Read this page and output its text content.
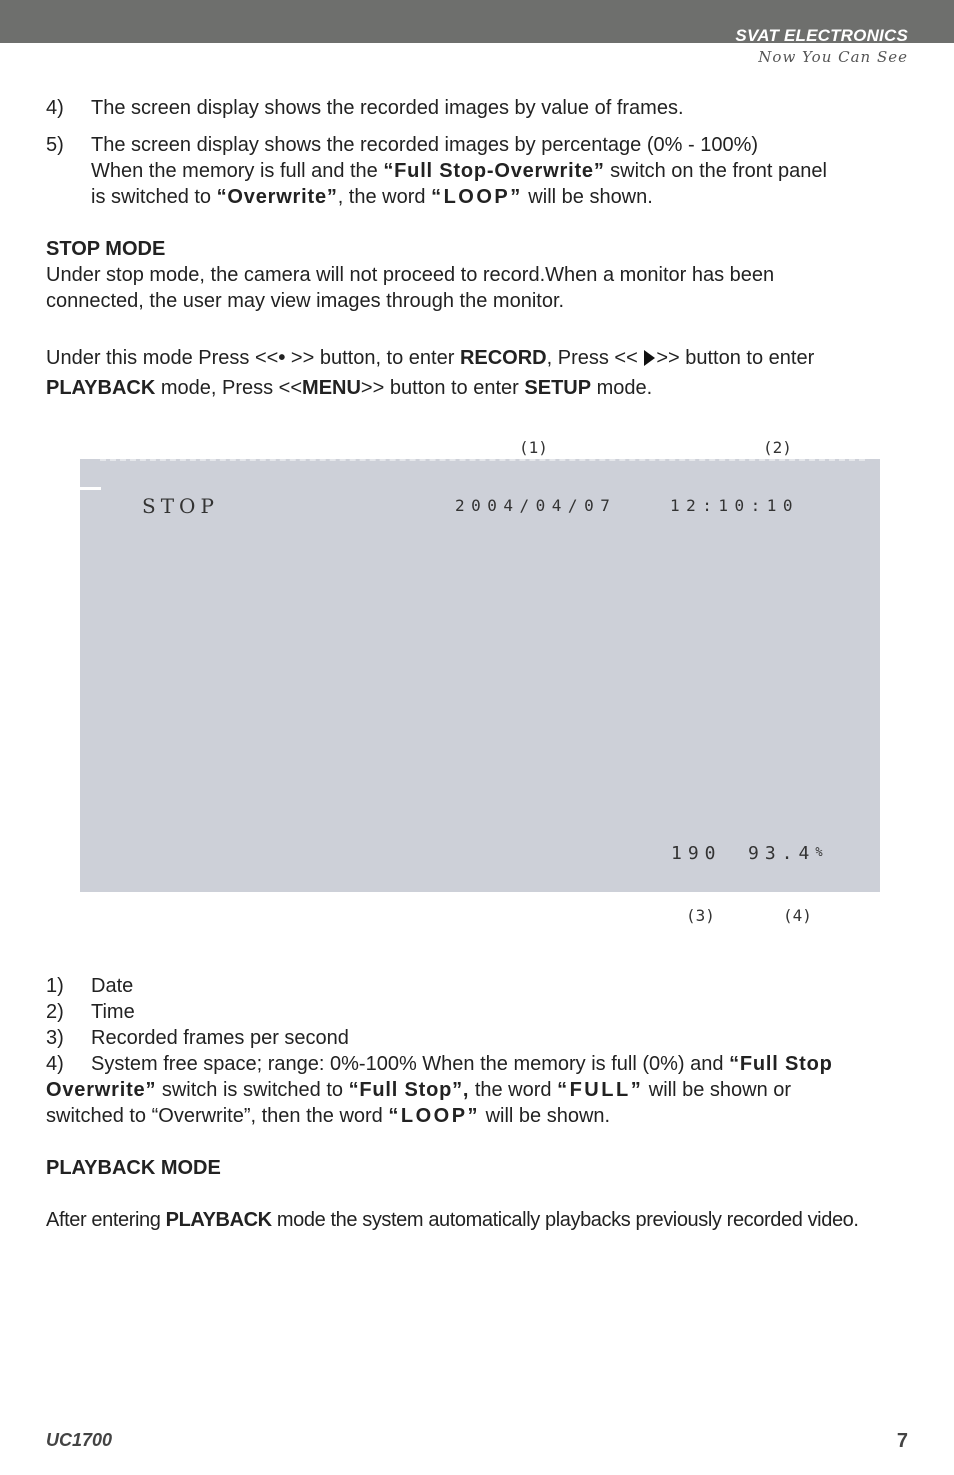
SVAT ELECTRONICS
Now You Can See
4) The screen display shows the recorded images by value of frames.
5) The screen display shows the recorded images by percentage (0% - 100%)
When the memory is full and the “Full Stop-Overwrite” switch on the front panel
is switched to “Overwrite”, the word “LOOP” will be shown.
STOP MODE
Under stop mode, the camera will not proceed to record.When a monitor has been
connected, the user may view images through the monitor.
Under this mode Press <<• >> button, to enter RECORD, Press << >> button to enter
PLAYBACK mode, Press <<MENU>> button to enter SETUP mode.
(1)	(2)
STOP	2004/04/07	12:10:10
190 93.4%
(3)	(4)
1) Date
2) Time
3) Recorded frames per second
4) System free space; range: 0%-100% When the memory is full (0%) and “Full Stop
Overwrite” switch is switched to “Full Stop”, the word “FULL” will be shown or
switched to “Overwrite”, then the word “LOOP” will be shown.
PLAYBACK MODE
After entering PLAYBACK mode the system automatically playbacks previously recorded video.
UC1700	7
